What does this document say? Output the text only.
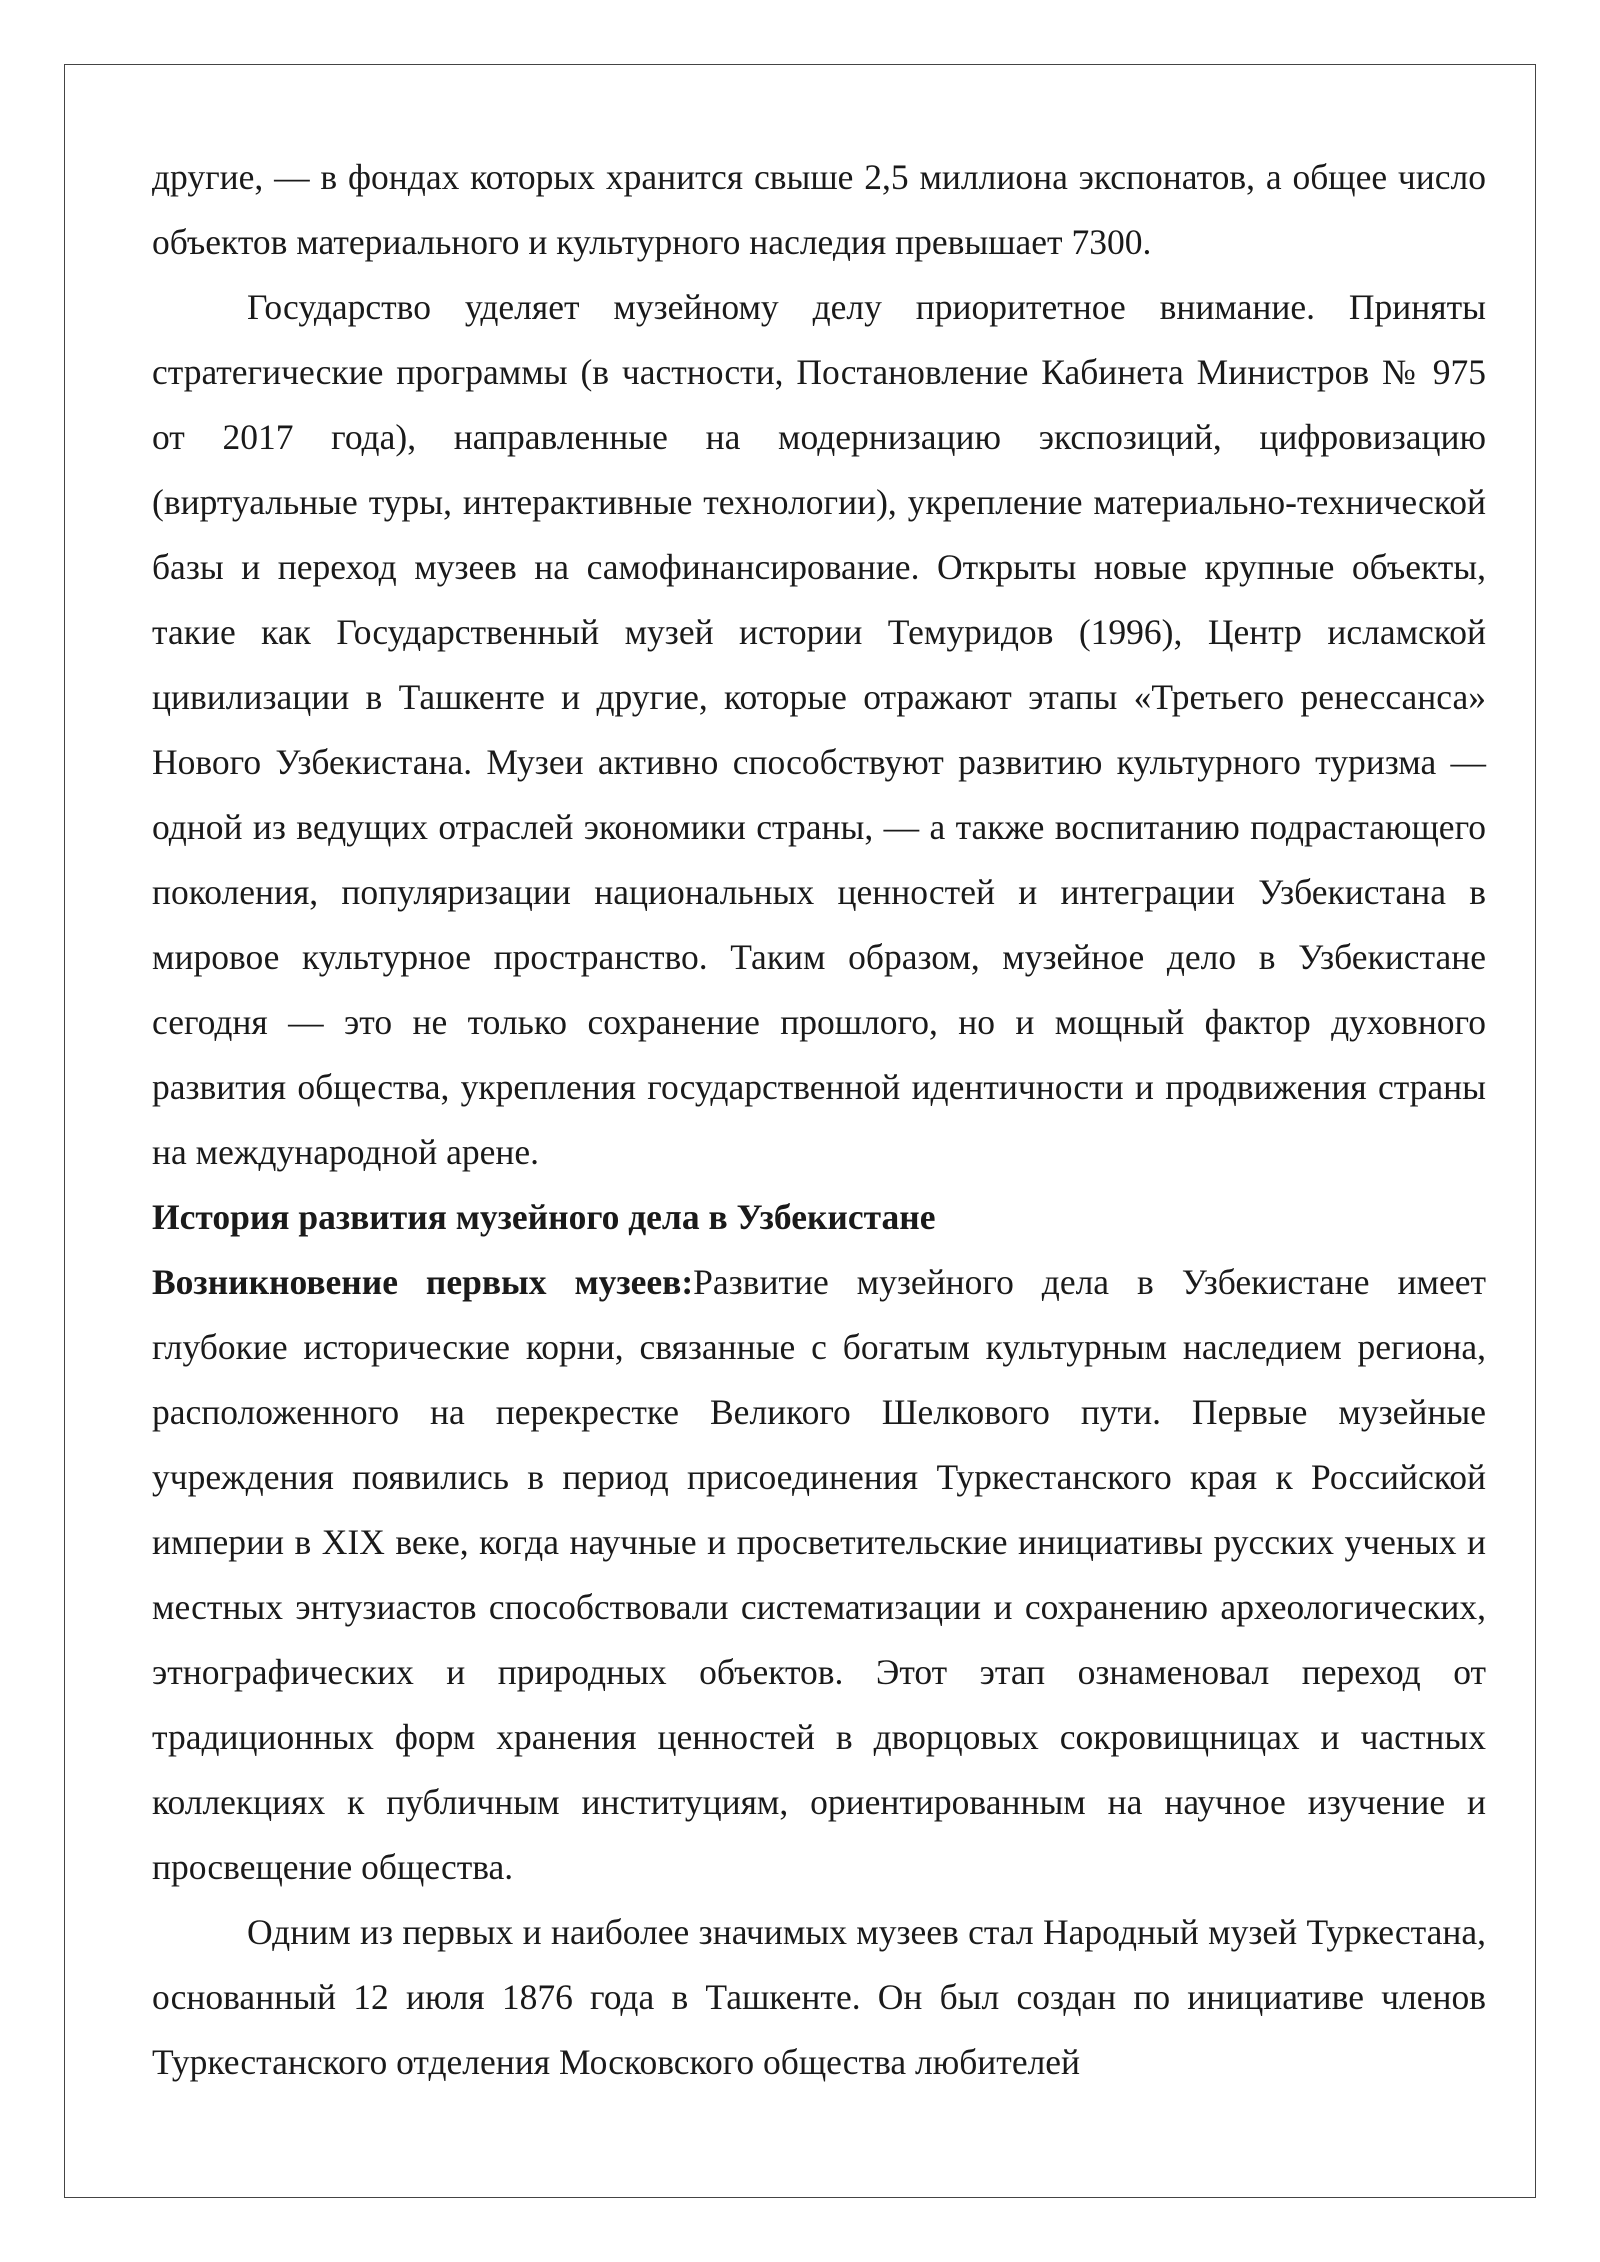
другие, — в фондах которых хранится свыше 2,5 миллиона экспонатов, а общее число объектов материального и культурного наследия превышает 7300.

Государство уделяет музейному делу приоритетное внимание. Приняты стратегические программы (в частности, Постановление Кабинета Министров № 975 от 2017 года), направленные на модернизацию экспозиций, цифровизацию (виртуальные туры, интерактивные технологии), укрепление материально-технической базы и переход музеев на самофинансирование. Открыты новые крупные объекты, такие как Государственный музей истории Темуридов (1996), Центр исламской цивилизации в Ташкенте и другие, которые отражают этапы «Третьего ренессанса» Нового Узбекистана. Музеи активно способствуют развитию культурного туризма — одной из ведущих отраслей экономики страны, — а также воспитанию подрастающего поколения, популяризации национальных ценностей и интеграции Узбекистана в мировое культурное пространство. Таким образом, музейное дело в Узбекистане сегодня — это не только сохранение прошлого, но и мощный фактор духовного развития общества, укрепления государственной идентичности и продвижения страны на международной арене.

История развития музейного дела в Узбекистане

Возникновение первых музеев:Развитие музейного дела в Узбекистане имеет глубокие исторические корни, связанные с богатым культурным наследием региона, расположенного на перекрестке Великого Шелкового пути. Первые музейные учреждения появились в период присоединения Туркестанского края к Российской империи в XIX веке, когда научные и просветительские инициативы русских ученых и местных энтузиастов способствовали систематизации и сохранению археологических, этнографических и природных объектов. Этот этап ознаменовал переход от традиционных форм хранения ценностей в дворцовых сокровищницах и частных коллекциях к публичным институциям, ориентированным на научное изучение и просвещение общества.

Одним из первых и наиболее значимых музеев стал Народный музей Туркестана, основанный 12 июля 1876 года в Ташкенте. Он был создан по инициативе членов Туркестанского отделения Московского общества любителей
